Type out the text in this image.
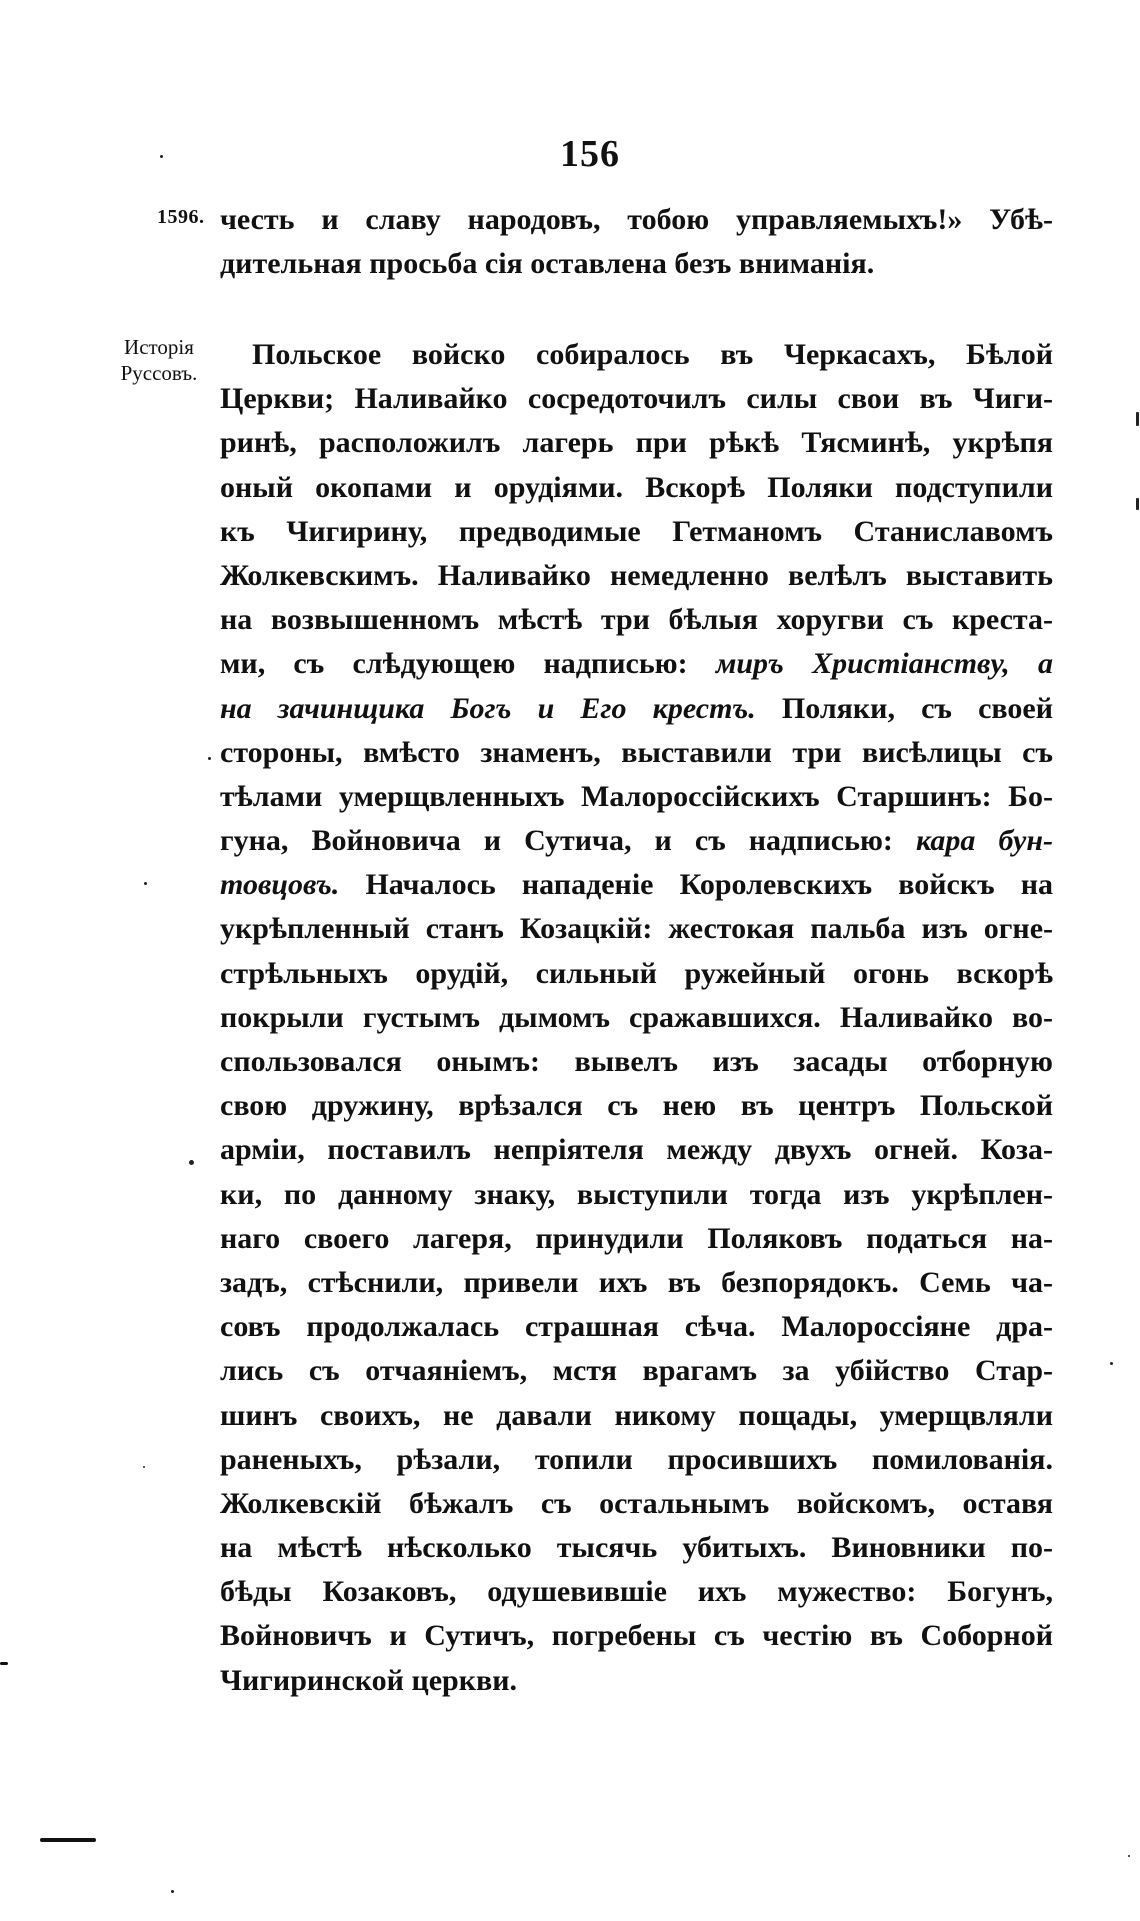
156
1596.
Исторія
Руссовъ.
честь и славу народовъ, тобою управляемыхъ!» Убѣ-
дительная просьба сія оставлена безъ вниманія.
Польское войско собиралось въ Черкасахъ, Бѣлой
Церкви; Наливайко сосредоточилъ силы свои въ Чиги-
ринѣ, расположилъ лагерь при рѣкѣ Тясминѣ, укрѣпя
оный окопами и орудіями. Вскорѣ Поляки подступили
къ Чигирину, предводимые Гетманомъ Станиславомъ
Жолкевскимъ. Наливайко немедленно велѣлъ выставить
на возвышенномъ мѣстѣ три бѣлыя хоругви съ креста-
ми, съ слѣдующею надписью: миръ Христіанству, а
на зачинщика Богъ и Его крестъ. Поляки, съ своей
стороны, вмѣсто знаменъ, выставили три висѣлицы съ
тѣлами умерщвленныхъ Малороссійскихъ Старшинъ: Бо-
гуна, Войновича и Сутича, и съ надписью: кара бун-
товцовъ. Началось нападеніе Королевскихъ войскъ на
укрѣпленный станъ Козацкій: жестокая пальба изъ огне-
стрѣльныхъ орудій, сильный ружейный огонь вскорѣ
покрыли густымъ дымомъ сражавшихся. Наливайко во-
спользовался онымъ: вывелъ изъ засады отборную
свою дружину, врѣзался съ нею въ центръ Польской
арміи, поставилъ непріятеля между двухъ огней. Коза-
ки, по данному знаку, выступили тогда изъ укрѣплен-
наго своего лагеря, принудили Поляковъ податься на-
задъ, стѣснили, привели ихъ въ безпорядокъ. Семь ча-
совъ продолжалась страшная сѣча. Малороссіяне дра-
лись съ отчаяніемъ, мстя врагамъ за убійство Стар-
шинъ своихъ, не давали никому пощады, умерщвляли
раненыхъ, рѣзали, топили просившихъ помилованія.
Жолкевскій бѣжалъ съ остальнымъ войскомъ, оставя
на мѣстѣ нѣсколько тысячь убитыхъ. Виновники по-
бѣды Козаковъ, одушевившіе ихъ мужество: Богунъ,
Войновичъ и Сутичъ, погребены съ честію въ Соборной
Чигиринской церкви.
